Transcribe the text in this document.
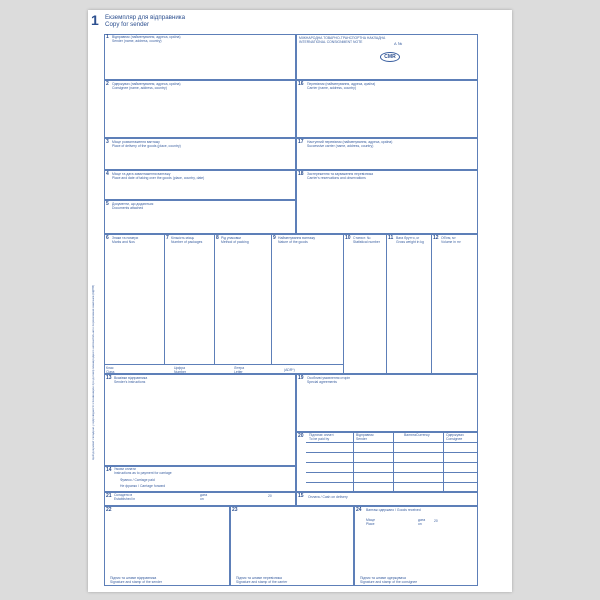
1 Екземпляр для відправника
Copy for sender
Цей документ складено у відповідності з Конвенцією про договір міжнародного автомобільного перевезення вантажів (КДПВ)
1 Відправник (найменування, адреса, країна)
Sender (name, address, country)
МІЖНАРОДНА ТОВАРНО-ТРАНСПОРТНА НАКЛАДНА
INTERNATIONAL CONSIGNMENT NOTE	А №
CMR
2 Одержувач (найменування, адреса, країна)
Consignee (name, address, country)
16 Перевізник (найменування, адреса, країна)
Carrier (name, address, country)
3 Місце розвантаження вантажу
Place of delivery of the goods (place, country)
17 Наступний перевізник (найменування, адреса, країна)
Successive carrier (name, address, country)
4 Місце та дата завантаження вантажу
Place and date of taking over the goods (place, country, date)
18 Застереження та зауваження перевізника
Carrier's reservations and observations
5 Документи, що додаються
Documents attached
6 Знаки та номери
Marks and Nos
7 Кількість місць
Number of packages
8 Рід упаковки
Method of packing
9 Найменування вантажу
Nature of the goods
10 Статист. №
Statistical number
11 Вага брутто, кг
Gross weight in kg
12 Об'єм, м³
Volume in m³
Клас
Class
Цифра
Number
Літера
Letter	(ADR*)
13 Вказівки відправника
Sender's instructions
19 Особливі умовлення сторін
Special agreements
20 Підлягає оплаті
To be paid by
Відправник
Sender
Валюта Currency	Одержувач
Consignee
14 Умови оплати
Instructions as to payment for carriage
Франко / Carriage paid
Не франко / Carriage forward
21 Складено в
Established in
дата
on
20	15 Оплата / Cash on delivery
22
Підпис та штамп відправника
Signature and stamp of the sender
23
Підпис та штамп перевізника
Signature and stamp of the carrier
24 Вантаж одержано / Goods received
Місце
Place
дата
on
20
Підпис та штамп одержувача
Signature and stamp of the consignee
